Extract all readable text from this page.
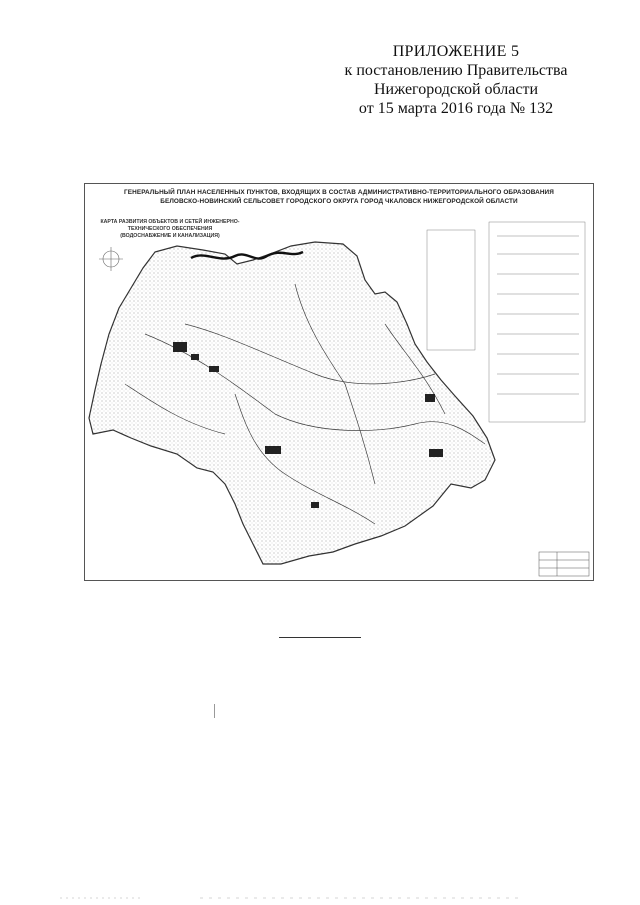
ПРИЛОЖЕНИЕ 5
к постановлению Правительства
Нижегородской области
от 15 марта 2016 года № 132
ГЕНЕРАЛЬНЫЙ ПЛАН НАСЕЛЕННЫХ ПУНКТОВ, ВХОДЯЩИХ В СОСТАВ АДМИНИСТРАТИВНО-ТЕРРИТОРИАЛЬНОГО ОБРАЗОВАНИЯ
БЕЛОВСКО-НОВИНСКИЙ СЕЛЬСОВЕТ ГОРОДСКОГО ОКРУГА ГОРОД ЧКАЛОВСК НИЖЕГОРОДСКОЙ ОБЛАСТИ
КАРТА РАЗВИТИЯ ОБЪЕКТОВ И СЕТЕЙ ИНЖЕНЕРНО-ТЕХНИЧЕСКОГО ОБЕСПЕЧЕНИЯ
(ВОДОСНАБЖЕНИЕ И КАНАЛИЗАЦИЯ)
